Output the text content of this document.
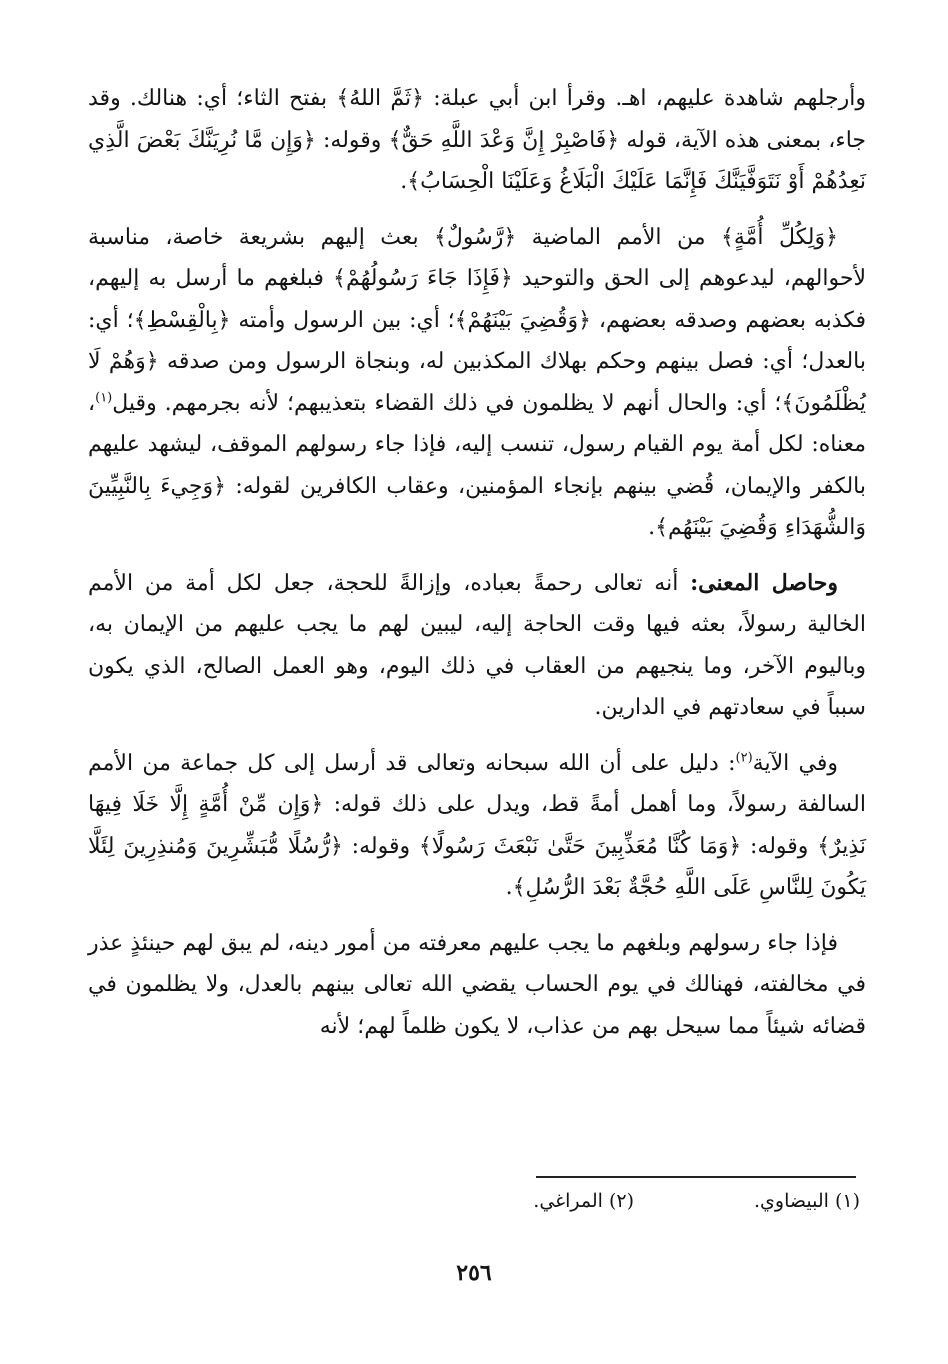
وأرجلهم شاهدة عليهم، اهـ. وقرأ ابن أبي عبلة: ﴿ثَمَّ اللهُ﴾ بفتح الثاء؛ أي: هنالك. وقد جاء، بمعنى هذه الآية، قوله ﴿فَاصْبِرْ إِنَّ وَعْدَ اللَّهِ حَقٌّ﴾ وقوله: ﴿وَإِن مَّا نُرِيَنَّكَ بَعْضَ الَّذِي نَعِدُهُمْ أَوْ نَتَوَفَّيَنَّكَ فَإِنَّمَا عَلَيْكَ الْبَلَاغُ وَعَلَيْنَا الْحِسَابُ﴾.

﴿وَلِكُلِّ أُمَّةٍ﴾ من الأمم الماضية ﴿رَّسُولٌ﴾ بعث إليهم بشريعة خاصة، مناسبة لأحوالهم، ليدعوهم إلى الحق والتوحيد ﴿فَإِذَا جَاءَ رَسُولُهُمْ﴾ فبلغهم ما أرسل به إليهم، فكذبه بعضهم وصدقه بعضهم، ﴿وَقُضِيَ بَيْنَهُمْ﴾؛ أي: بين الرسول وأمته ﴿بِالْقِسْطِ﴾؛ أي: بالعدل؛ أي: فصل بينهم وحكم بهلاك المكذبين له، وبنجاة الرسول ومن صدقه ﴿وَهُمْ لَا يُظْلَمُونَ﴾؛ أي: والحال أنهم لا يظلمون في ذلك القضاء بتعذيبهم؛ لأنه بجرمهم. وقيل$^{(١)}$، معناه: لكل أمة يوم القيام رسول، تنسب إليه، فإذا جاء رسولهم الموقف، ليشهد عليهم بالكفر والإيمان، قُضي بينهم بإنجاء المؤمنين، وعقاب الكافرين لقوله: ﴿وَجِيءَ بِالنَّبِيِّينَ وَالشُّهَدَاءِ وَقُضِيَ بَيْنَهُم﴾.

وحاصل المعنى: أنه تعالى رحمةً بعباده، وإزالةً للحجة، جعل لكل أمة من الأمم الخالية رسولاً، بعثه فيها وقت الحاجة إليه، ليبين لهم ما يجب عليهم من الإيمان به، وباليوم الآخر، وما ينجيهم من العقاب في ذلك اليوم، وهو العمل الصالح، الذي يكون سبباً في سعادتهم في الدارين.

وفي الآية$^{(٢)}$: دليل على أن الله سبحانه وتعالى قد أرسل إلى كل جماعة من الأمم السالفة رسولاً، وما أهمل أمةً قط، ويدل على ذلك قوله: ﴿وَإِن مِّنْ أُمَّةٍ إِلَّا خَلَا فِيهَا نَذِيرٌ﴾ وقوله: ﴿وَمَا كُنَّا مُعَذِّبِينَ حَتَّىٰ نَبْعَثَ رَسُولًا﴾ وقوله: ﴿رُّسُلًا مُّبَشِّرِينَ وَمُنذِرِينَ لِئَلَّا يَكُونَ لِلنَّاسِ عَلَى اللَّهِ حُجَّةٌ بَعْدَ الرُّسُلِ﴾.

فإذا جاء رسولهم وبلغهم ما يجب عليهم معرفته من أمور دينه، لم يبق لهم حينئذٍ عذر في مخالفته، فهنالك في يوم الحساب يقضي الله تعالى بينهم بالعدل، ولا يظلمون في قضائه شيئاً مما سيحل بهم من عذاب، لا يكون ظلماً لهم؛ لأنه

(١) البيضاوي.
(٢) المراغي.
٢٥٦
